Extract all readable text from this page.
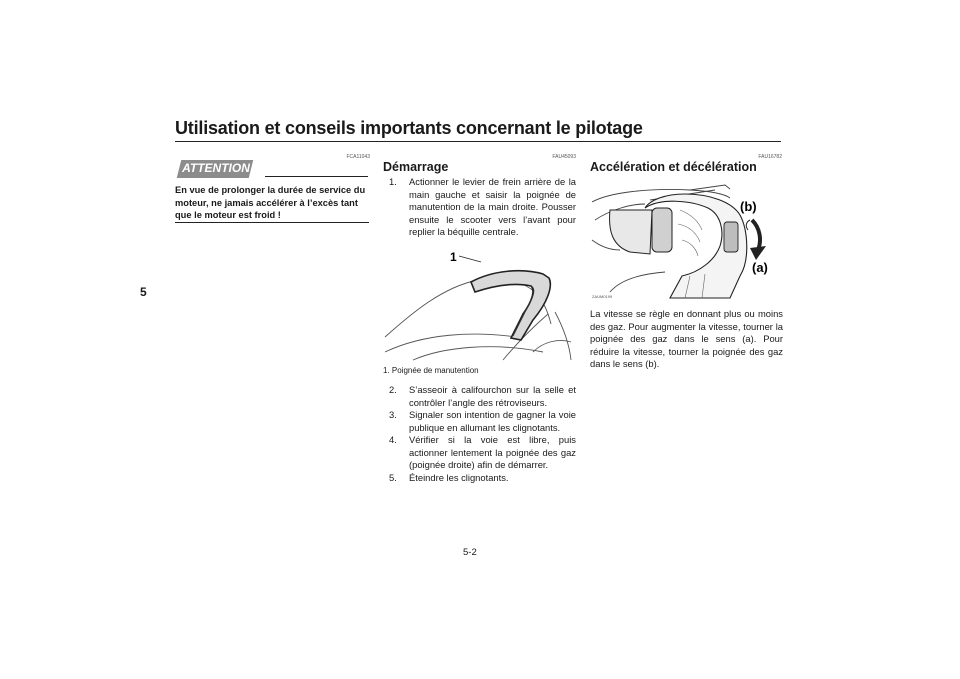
Utilisation et conseils importants concernant le pilotage
5
FCA11043
ATTENTION
En vue de prolonger la durée de service du moteur, ne jamais accélérer à l’excès tant que le moteur est froid !
FAU45093
Démarrage
1. Actionner le levier de frein arrière de la main gauche et saisir la poignée de manutention de la main droite. Pousser ensuite le scooter vers l’avant pour replier la béquille centrale.
1
1. Poignée de manutention
2. S’asseoir à califourchon sur la selle et contrôler l’angle des rétroviseurs.
3. Signaler son intention de gagner la voie publique en allumant les clignotants.
4. Vérifier si la voie est libre, puis actionner lentement la poignée des gaz (poignée droite) afin de démarrer.
5. Éteindre les clignotants.
FAU16782
Accélération et décélération
(b)
(a)
ZAUM0199
La vitesse se règle en donnant plus ou moins des gaz. Pour augmenter la vitesse, tourner la poignée des gaz dans le sens (a). Pour réduire la vitesse, tourner la poignée des gaz dans le sens (b).
5-2
